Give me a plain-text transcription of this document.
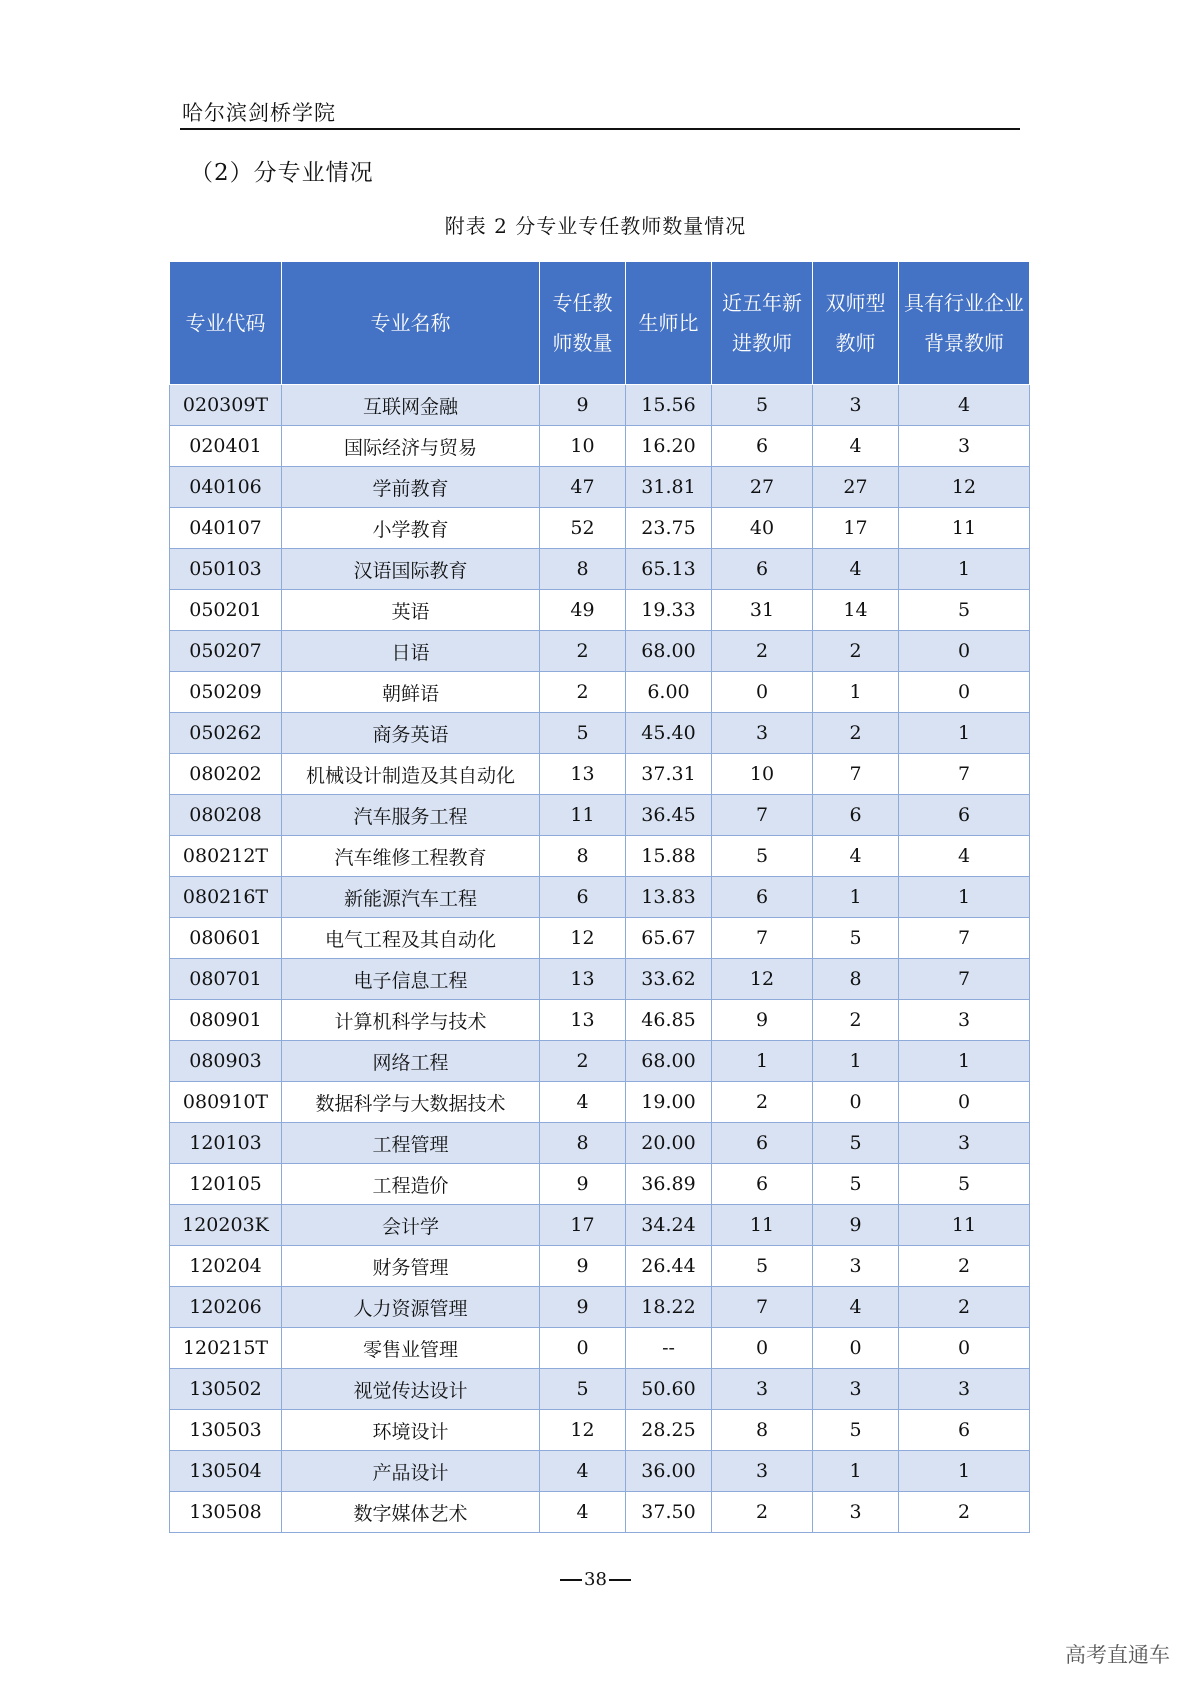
哈尔滨剑桥学院
（2）分专业情况
附表 2 分专业专任教师数量情况
专业代码	专业名称	专任教师数量	生师比	近五年新进教师	双师型教师	具有行业企业背景教师
020309T	互联网金融	9	15.56	5	3	4
020401	国际经济与贸易	10	16.20	6	4	3
040106	学前教育	47	31.81	27	27	12
040107	小学教育	52	23.75	40	17	11
050103	汉语国际教育	8	65.13	6	4	1
050201	英语	49	19.33	31	14	5
050207	日语	2	68.00	2	2	0
050209	朝鲜语	2	6.00	0	1	0
050262	商务英语	5	45.40	3	2	1
080202	机械设计制造及其自动化	13	37.31	10	7	7
080208	汽车服务工程	11	36.45	7	6	6
080212T	汽车维修工程教育	8	15.88	5	4	4
080216T	新能源汽车工程	6	13.83	6	1	1
080601	电气工程及其自动化	12	65.67	7	5	7
080701	电子信息工程	13	33.62	12	8	7
080901	计算机科学与技术	13	46.85	9	2	3
080903	网络工程	2	68.00	1	1	1
080910T	数据科学与大数据技术	4	19.00	2	0	0
120103	工程管理	8	20.00	6	5	3
120105	工程造价	9	36.89	6	5	5
120203K	会计学	17	34.24	11	9	11
120204	财务管理	9	26.44	5	3	2
120206	人力资源管理	9	18.22	7	4	2
120215T	零售业管理	0	--	0	0	0
130502	视觉传达设计	5	50.60	3	3	3
130503	环境设计	12	28.25	8	5	6
130504	产品设计	4	36.00	3	1	1
130508	数字媒体艺术	4	37.50	2	3	2
38
高考直通车
